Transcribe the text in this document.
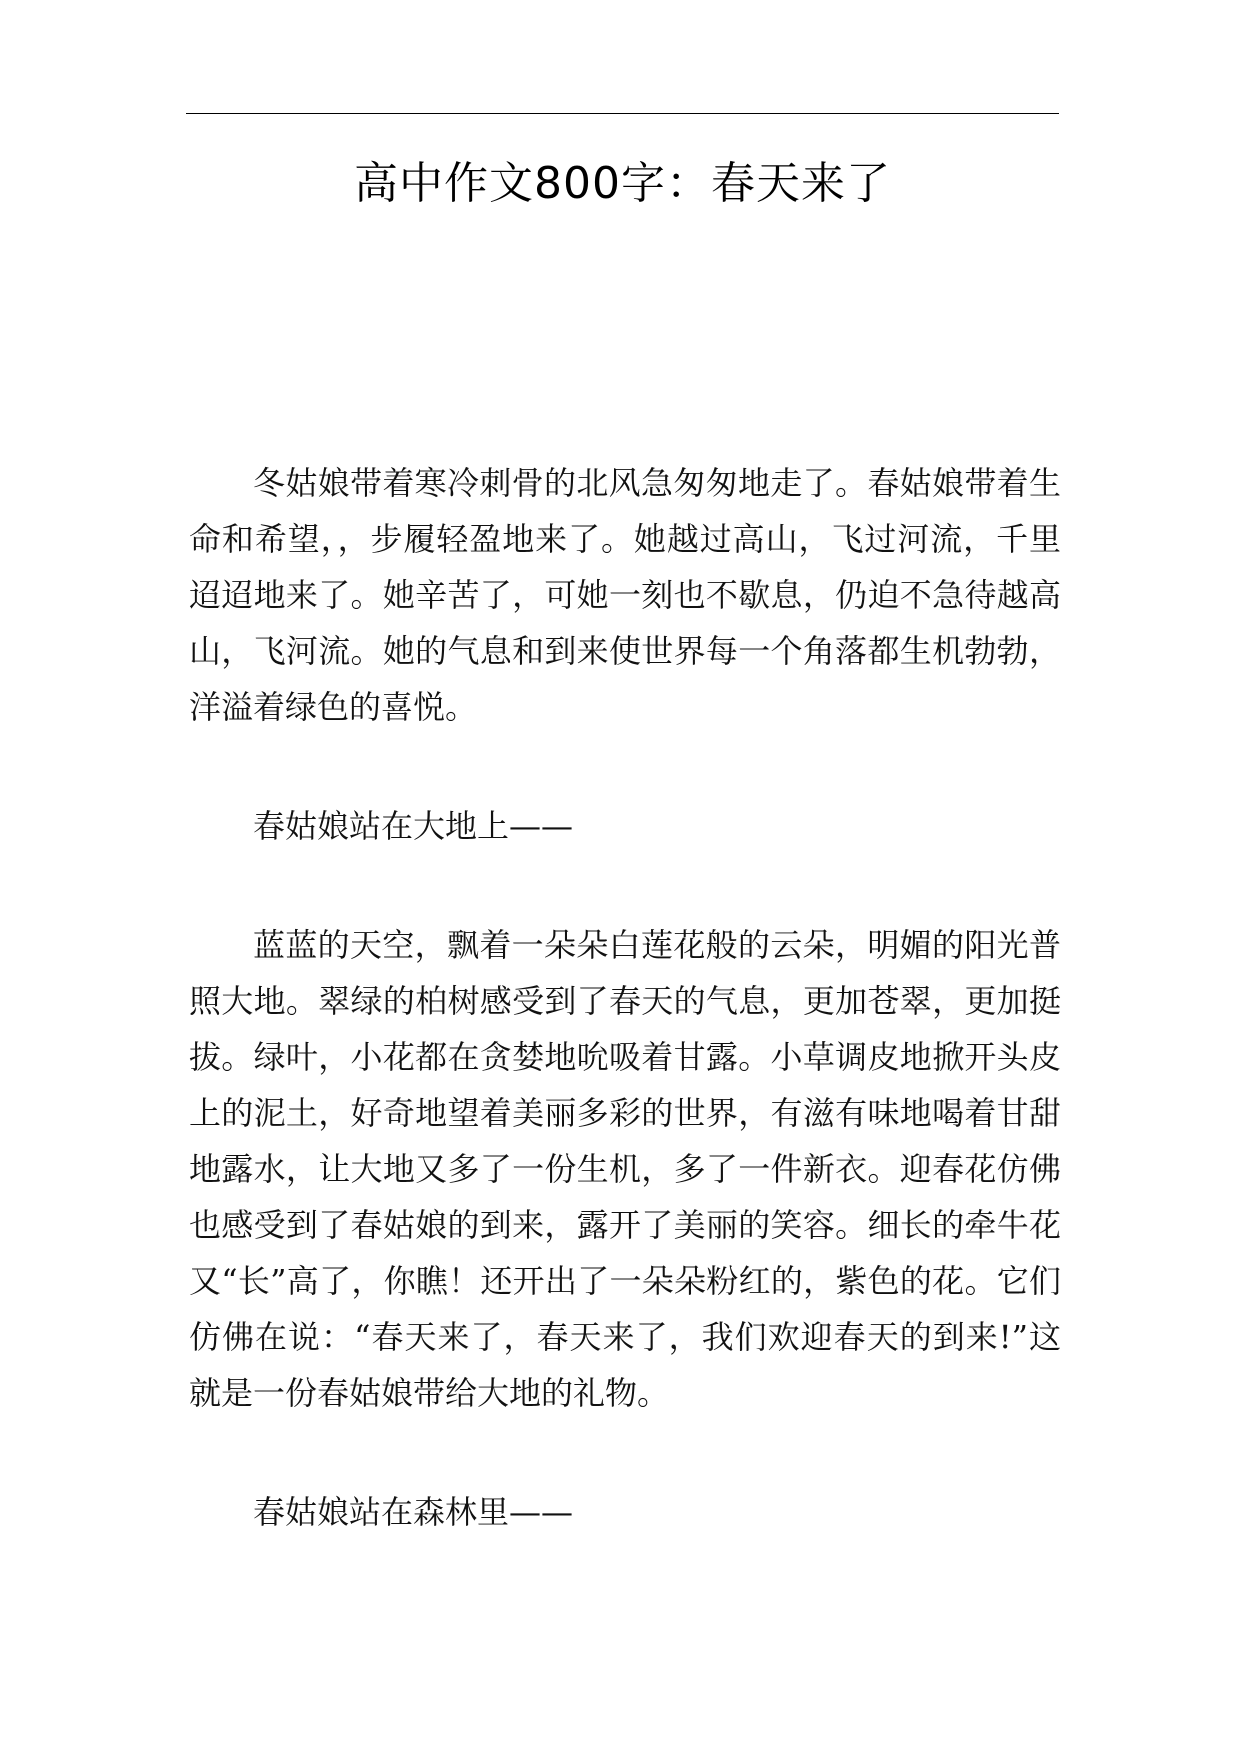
高中作文800字：春天来了

冬姑娘带着寒冷刺骨的北风急匆匆地走了。春姑娘带着生命和希望，，步履轻盈地来了。她越过高山，飞过河流，千里迢迢地来了。她辛苦了，可她一刻也不歇息，仍迫不急待越高山，飞河流。她的气息和到来使世界每一个角落都生机勃勃，洋溢着绿色的喜悦。

春姑娘站在大地上——

蓝蓝的天空，飘着一朵朵白莲花般的云朵，明媚的阳光普照大地。翠绿的柏树感受到了春天的气息，更加苍翠，更加挺拔。绿叶，小花都在贪婪地吮吸着甘露。小草调皮地掀开头皮上的泥土，好奇地望着美丽多彩的世界，有滋有味地喝着甘甜地露水，让大地又多了一份生机，多了一件新衣。迎春花仿佛也感受到了春姑娘的到来，露开了美丽的笑容。细长的牵牛花又“长”高了，你瞧！还开出了一朵朵粉红的，紫色的花。它们仿佛在说：“春天来了，春天来了，我们欢迎春天的到来!”这就是一份春姑娘带给大地的礼物。

春姑娘站在森林里——
